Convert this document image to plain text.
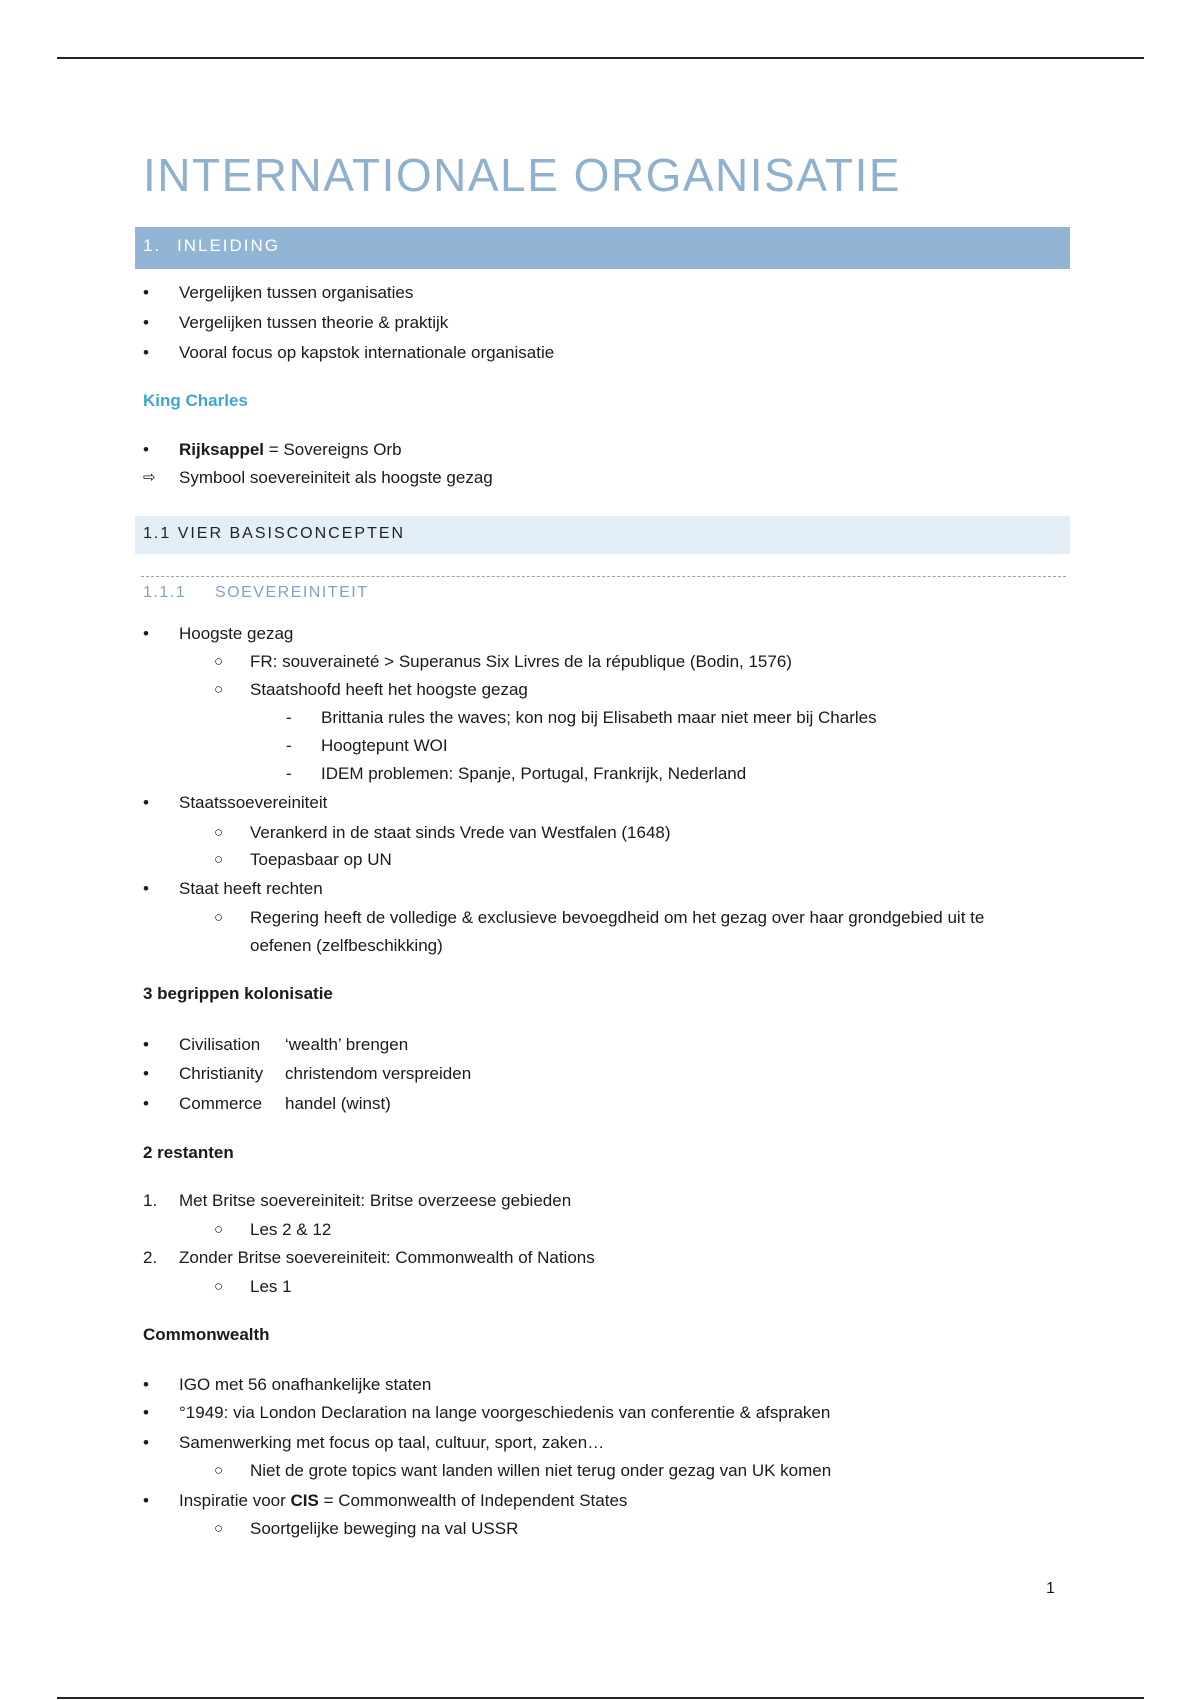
INTERNATIONALE ORGANISATIE
1. INLEIDING
• Vergelijken tussen organisaties
• Vergelijken tussen theorie & praktijk
• Vooral focus op kapstok internationale organisatie
King Charles
• Rijksappel = Sovereigns Orb
⇨ Symbool soevereiniteit als hoogste gezag
1.1 VIER BASISCONCEPTEN
1.1.1 SOEVEREINITEIT
• Hoogste gezag
○ FR: souveraineté > Superanus Six Livres de la république (Bodin, 1576)
○ Staatshoofd heeft het hoogste gezag
- Brittania rules the waves; kon nog bij Elisabeth maar niet meer bij Charles
- Hoogtepunt WOI
- IDEM problemen: Spanje, Portugal, Frankrijk, Nederland
• Staatssoevereiniteit
○ Verankerd in de staat sinds Vrede van Westfalen (1648)
○ Toepasbaar op UN
• Staat heeft rechten
○ Regering heeft de volledige & exclusieve bevoegdheid om het gezag over haar grondgebied uit te
oefenen (zelfbeschikking)
3 begrippen kolonisatie
• Civilisation ‘wealth’ brengen
• Christianity christendom verspreiden
• Commerce handel (winst)
2 restanten
1. Met Britse soevereiniteit: Britse overzeese gebieden
○ Les 2 & 12
2. Zonder Britse soevereiniteit: Commonwealth of Nations
○ Les 1
Commonwealth
• IGO met 56 onafhankelijke staten
• °1949: via London Declaration na lange voorgeschiedenis van conferentie & afspraken
• Samenwerking met focus op taal, cultuur, sport, zaken…
○ Niet de grote topics want landen willen niet terug onder gezag van UK komen
• Inspiratie voor CIS = Commonwealth of Independent States
○ Soortgelijke beweging na val USSR
1
